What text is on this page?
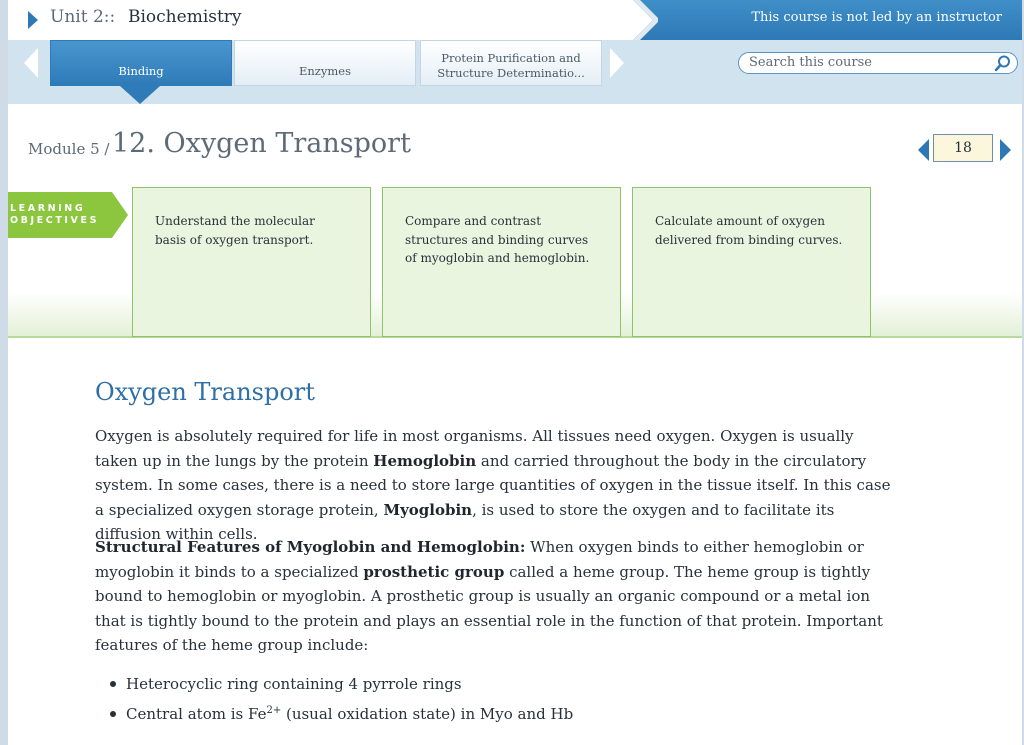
Unit 2:: Biochemistry	This course is not led by an instructor
Binding	Enzymes
Protein Purification and Structure Determinatio...
Search this course
Module 5 / 12. Oxygen Transport	18
LEARNING
OBJECTIVES	Understand the molecular basis of oxygen transport.
Compare and contrast structures and binding curves of myoglobin and hemoglobin.
Calculate amount of oxygen delivered from binding curves.
Oxygen Transport

Oxygen is absolutely required for life in most organisms. All tissues need oxygen. Oxygen is usually taken up in the lungs by the protein Hemoglobin and carried throughout the body in the circulatory system. In some cases, there is a need to store large quantities of oxygen in the tissue itself. In this case a specialized oxygen storage protein, Myoglobin, is used to store the oxygen and to facilitate its diffusion within cells.

Structural Features of Myoglobin and Hemoglobin: When oxygen binds to either hemoglobin or myoglobin it binds to a specialized prosthetic group called a heme group. The heme group is tightly bound to hemoglobin or myoglobin. A prosthetic group is usually an organic compound or a metal ion that is tightly bound to the protein and plays an essential role in the function of that protein. Important features of the heme group include:

Heterocyclic ring containing 4 pyrrole rings
Central atom is $Fe^{2+}$ (usual oxidation state) in Myo and Hb
